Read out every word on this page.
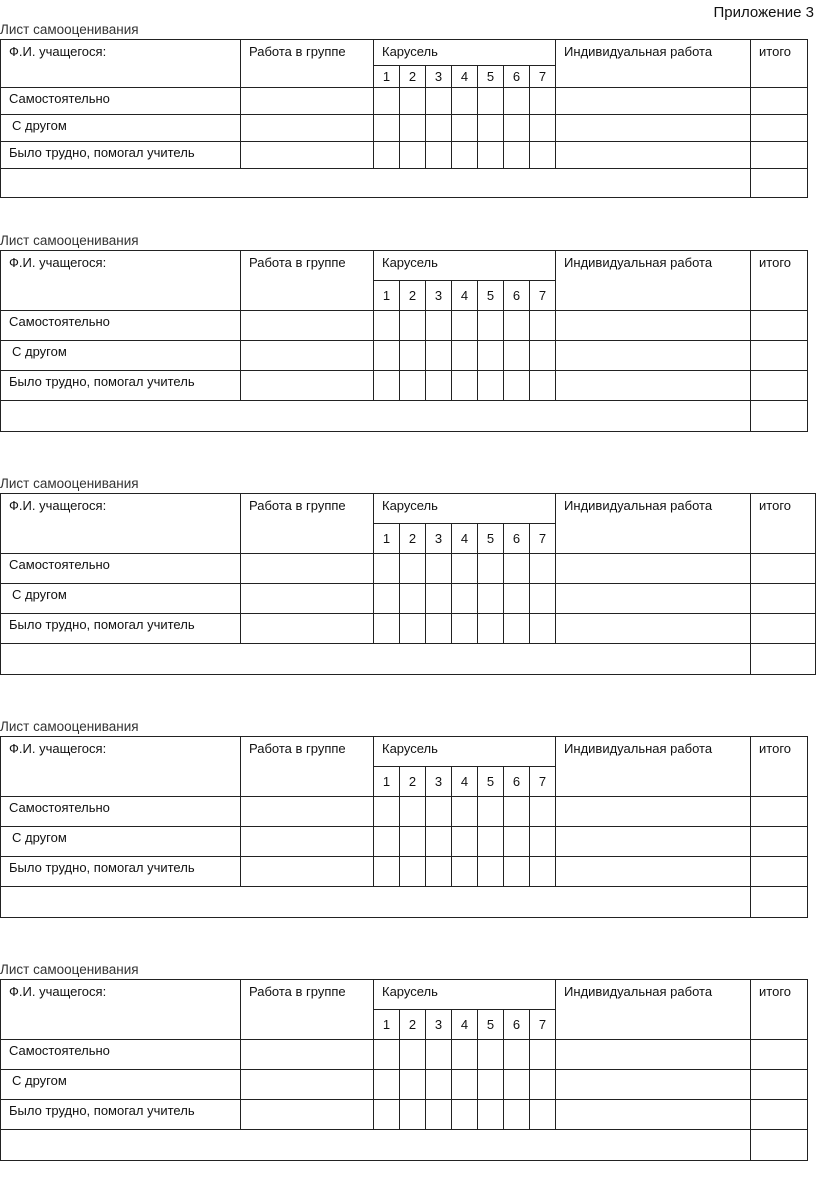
Приложение 3
Лист самооценивания
Ф.И. учащегося:	Работа в группе	Карусель							Индивидуальная работа	итого
		1	2	3	4	5	6	7		
Самостоятельно										
С другом										
Было трудно, помогал учитель										

Лист самооценивания
Ф.И. учащегося:	Работа в группе	Карусель							Индивидуальная работа	итого
		1	2	3	4	5	6	7		
Самостоятельно										
С другом										
Было трудно, помогал учитель										

Лист самооценивания
Ф.И. учащегося:	Работа в группе	Карусель							Индивидуальная работа	итого
		1	2	3	4	5	6	7		
Самостоятельно										
С другом										
Было трудно, помогал учитель										

Лист самооценивания
Ф.И. учащегося:	Работа в группе	Карусель							Индивидуальная работа	итого
		1	2	3	4	5	6	7		
Самостоятельно										
С другом										
Было трудно, помогал учитель										

Лист самооценивания
Ф.И. учащегося:	Работа в группе	Карусель							Индивидуальная работа	итого
		1	2	3	4	5	6	7		
Самостоятельно										
С другом										
Было трудно, помогал учитель										
